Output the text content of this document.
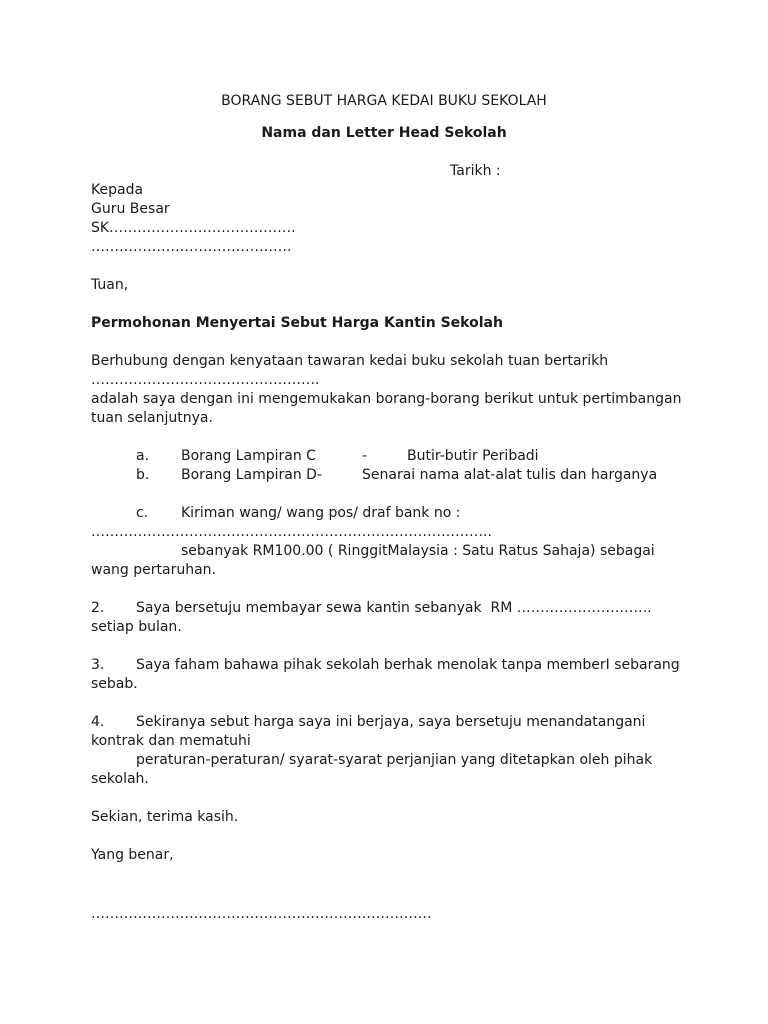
BORANG SEBUT HARGA KEDAI BUKU SEKOLAH
Nama dan Letter Head Sekolah
Tarikh :
Kepada
Guru Besar
SK………………………………….
…………………………………….
Tuan,
Permohonan Menyertai Sebut Harga Kantin Sekolah
Berhubung dengan kenyataan tawaran kedai buku sekolah tuan bertarikh
………………………………………….
adalah saya dengan ini mengemukakan borang-borang berikut untuk pertimbangan
tuan selanjutnya.
a. Borang Lampiran C	-	Butir-butir Peribadi
b. Borang Lampiran D-	Senarai nama alat-alat tulis dan harganya
c. Kiriman wang/ wang pos/ draf bank no :
…………………………………………………………………………..
sebanyak RM100.00 ( RinggitMalaysia : Satu Ratus Sahaja) sebagai
wang pertaruhan.
2. Saya bersetuju membayar sewa kantin sebanyak  RM ………………………..
setiap bulan.
3. Saya faham bahawa pihak sekolah berhak menolak tanpa memberI sebarang
sebab.
4. Sekiranya sebut harga saya ini berjaya, saya bersetuju menandatangani
kontrak dan mematuhi
peraturan-peraturan/ syarat-syarat perjanjian yang ditetapkan oleh pihak
sekolah.
Sekian, terima kasih.
Yang benar,
……………………………………………………………….
